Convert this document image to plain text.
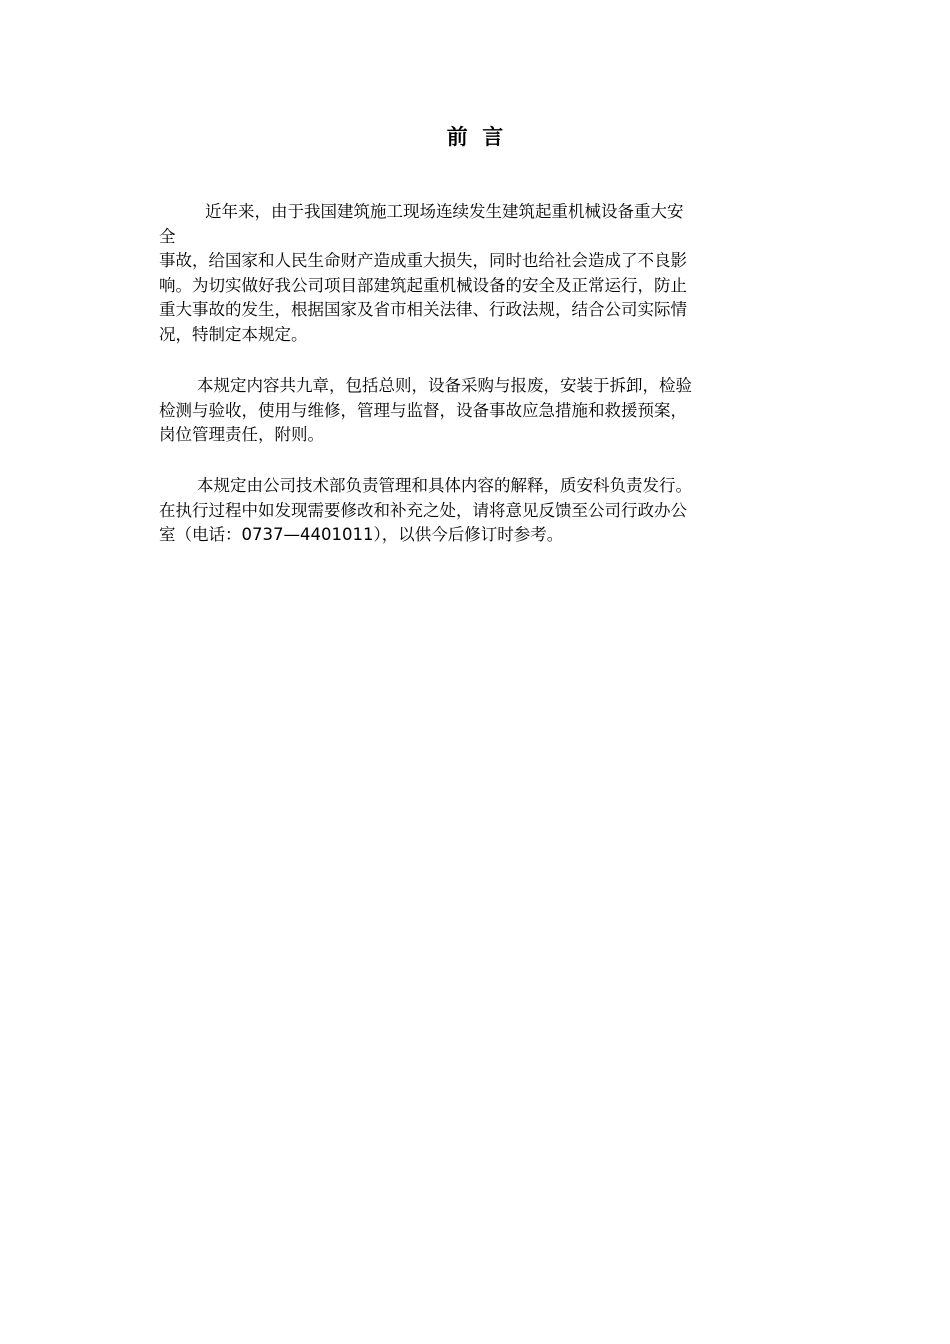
前  言
近年来，由于我国建筑施工现场连续发生建筑起重机械设备重大安
全
事故，给国家和人民生命财产造成重大损失，同时也给社会造成了不良影
响。为切实做好我公司项目部建筑起重机械设备的安全及正常运行，防止
重大事故的发生，根据国家及省市相关法律、行政法规，结合公司实际情
况，特制定本规定。
本规定内容共九章，包括总则，设备采购与报废，安装于拆卸，检验
检测与验收，使用与维修，管理与监督，设备事故应急措施和救援预案，
岗位管理责任，附则。
本规定由公司技术部负责管理和具体内容的解释，质安科负责发行。
在执行过程中如发现需要修改和补充之处，请将意见反馈至公司行政办公
室（电话：0737—4401011），以供今后修订时参考。
